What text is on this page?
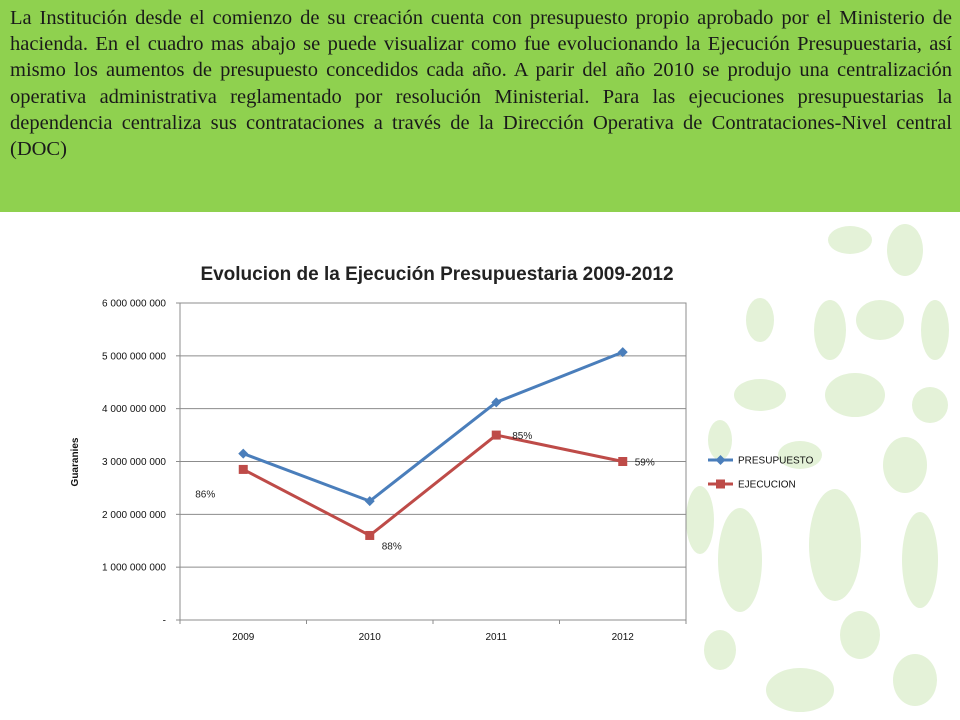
La Institución desde el comienzo de su creación cuenta con presupuesto propio aprobado por el Ministerio de hacienda. En el cuadro mas abajo se puede visualizar como fue evolucionando la Ejecución Presupuestaria, así mismo los aumentos de presupuesto concedidos cada año. A parir del año 2010 se produjo una centralización operativa administrativa reglamentado por resolución Ministerial. Para las ejecuciones presupuestarias la dependencia centraliza sus contrataciones a través de la Dirección Operativa de Contrataciones-Nivel central (DOC)
Evolucion de la Ejecución Presupuestaria 2009-2012
Guaranies
-
1 000 000 000
2 000 000 000
3 000 000 000
4 000 000 000
5 000 000 000
6 000 000 000
2009	2010	2011	2012
86%
88%
85%
59%	PRESUPUESTO
EJECUCION
